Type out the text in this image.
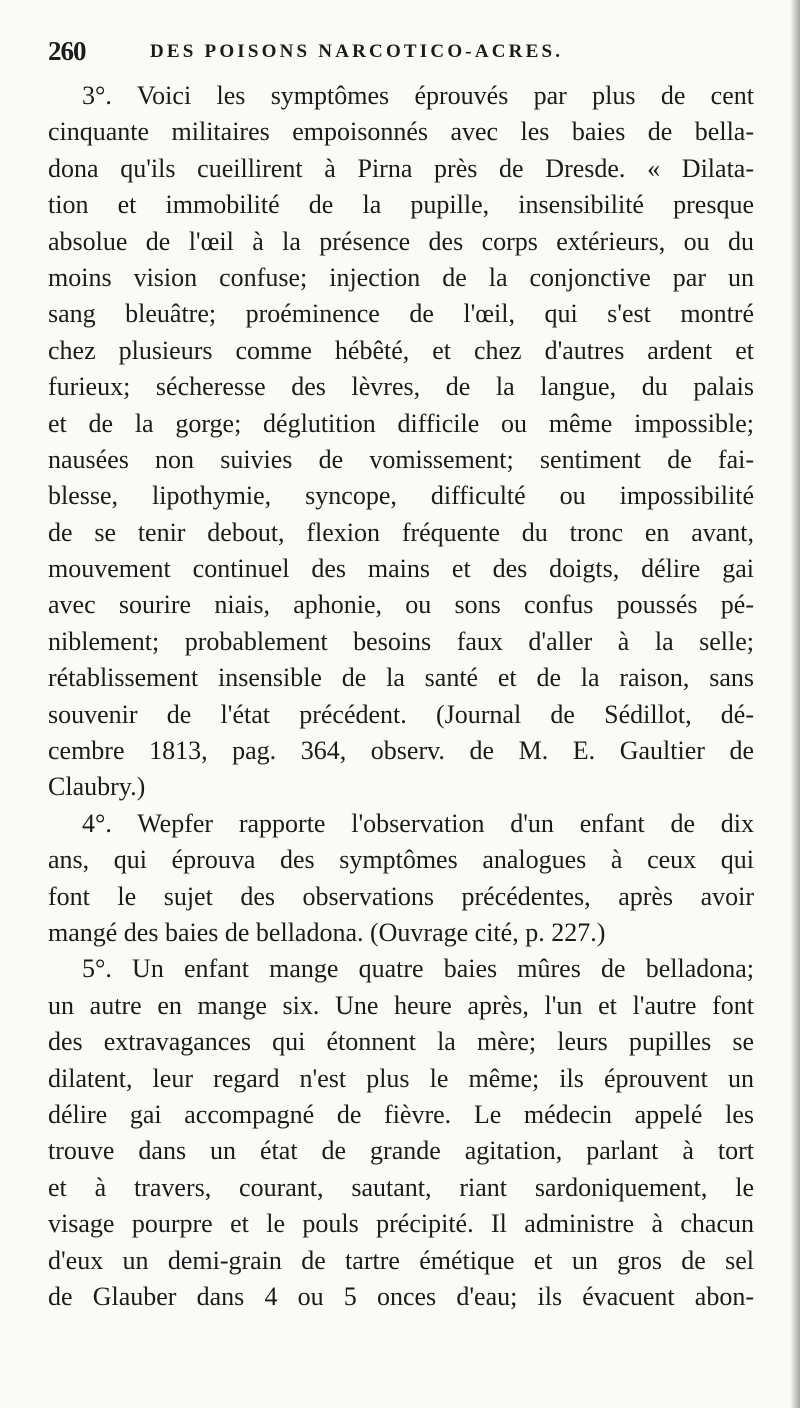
260	DES POISONS NARCOTICO-ACRES.
3°. Voici les symptômes éprouvés par plus de cent
cinquante militaires empoisonnés avec les baies de bella-
dona qu'ils cueillirent à Pirna près de Dresde. « Dilata-
tion et immobilité de la pupille, insensibilité presque
absolue de l'œil à la présence des corps extérieurs, ou du
moins vision confuse; injection de la conjonctive par un
sang bleuâtre; proéminence de l'œil, qui s'est montré
chez plusieurs comme hébêté, et chez d'autres ardent et
furieux; sécheresse des lèvres, de la langue, du palais
et de la gorge; déglutition difficile ou même impossible;
nausées non suivies de vomissement; sentiment de fai-
blesse, lipothymie, syncope, difficulté ou impossibilité
de se tenir debout, flexion fréquente du tronc en avant,
mouvement continuel des mains et des doigts, délire gai
avec sourire niais, aphonie, ou sons confus poussés pé-
niblement; probablement besoins faux d'aller à la selle;
rétablissement insensible de la santé et de la raison, sans
souvenir de l'état précédent. (Journal de Sédillot, dé-
cembre 1813, pag. 364, observ. de M. E. Gaultier de
Claubry.)
4°. Wepfer rapporte l'observation d'un enfant de dix
ans, qui éprouva des symptômes analogues à ceux qui
font le sujet des observations précédentes, après avoir
mangé des baies de belladona. (Ouvrage cité, p. 227.)
5°. Un enfant mange quatre baies mûres de belladona;
un autre en mange six. Une heure après, l'un et l'autre font
des extravagances qui étonnent la mère; leurs pupilles se
dilatent, leur regard n'est plus le même; ils éprouvent un
délire gai accompagné de fièvre. Le médecin appelé les
trouve dans un état de grande agitation, parlant à tort
et à travers, courant, sautant, riant sardoniquement, le
visage pourpre et le pouls précipité. Il administre à chacun
d'eux un demi-grain de tartre émétique et un gros de sel
de Glauber dans 4 ou 5 onces d'eau; ils évacuent abon-
